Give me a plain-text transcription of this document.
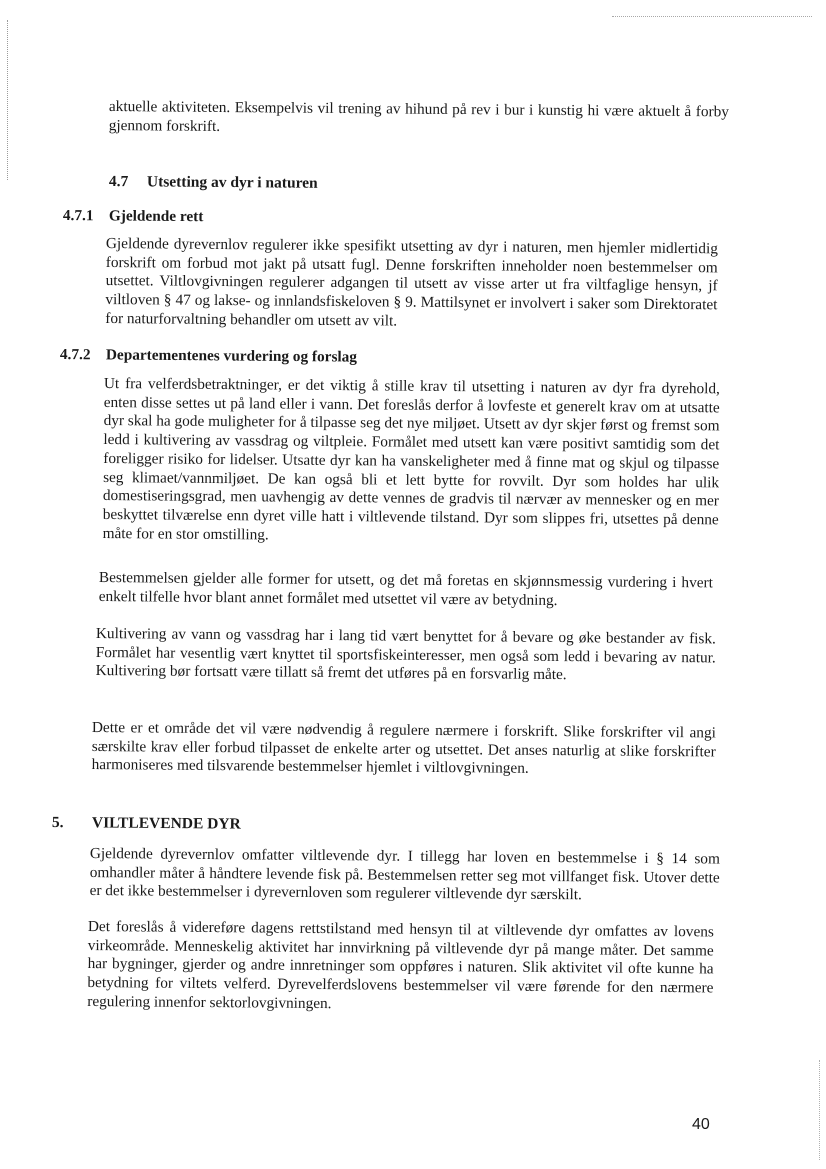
aktuelle aktiviteten. Eksempelvis vil trening av hihund på rev i bur i kunstig hi være aktuelt å forby gjennom forskrift.

4.7 Utsetting av dyr i naturen
4.7.1 Gjeldende rett

Gjeldende dyrevernlov regulerer ikke spesifikt utsetting av dyr i naturen, men hjemler midlertidig forskrift om forbud mot jakt på utsatt fugl. Denne forskriften inneholder noen bestemmelser om utsettet. Viltlovgivningen regulerer adgangen til utsett av visse arter ut fra viltfaglige hensyn, jf viltloven § 47 og lakse- og innlandsfiskeloven § 9. Mattilsynet er involvert i saker som Direktoratet for naturforvaltning behandler om utsett av vilt.

4.7.2 Departementenes vurdering og forslag

Ut fra velferdsbetraktninger, er det viktig å stille krav til utsetting i naturen av dyr fra dyrehold, enten disse settes ut på land eller i vann. Det foreslås derfor å lovfeste et generelt krav om at utsatte dyr skal ha gode muligheter for å tilpasse seg det nye miljøet. Utsett av dyr skjer først og fremst som ledd i kultivering av vassdrag og viltpleie. Formålet med utsett kan være positivt samtidig som det foreligger risiko for lidelser. Utsatte dyr kan ha vanskeligheter med å finne mat og skjul og tilpasse seg klimaet/vannmiljøet. De kan også bli et lett bytte for rovvilt. Dyr som holdes har ulik domestiseringsgrad, men uavhengig av dette vennes de gradvis til nærvær av mennesker og en mer beskyttet tilværelse enn dyret ville hatt i viltlevende tilstand. Dyr som slippes fri, utsettes på denne måte for en stor omstilling.

Bestemmelsen gjelder alle former for utsett, og det må foretas en skjønnsmessig vurdering i hvert enkelt tilfelle hvor blant annet formålet med utsettet vil være av betydning.

Kultivering av vann og vassdrag har i lang tid vært benyttet for å bevare og øke bestander av fisk. Formålet har vesentlig vært knyttet til sportsfiskeinteresser, men også som ledd i bevaring av natur. Kultivering bør fortsatt være tillatt så fremt det utføres på en forsvarlig måte.

Dette er et område det vil være nødvendig å regulere nærmere i forskrift. Slike forskrifter vil angi særskilte krav eller forbud tilpasset de enkelte arter og utsettet. Det anses naturlig at slike forskrifter harmoniseres med tilsvarende bestemmelser hjemlet i viltlovgivningen.

5. VILTLEVENDE DYR

Gjeldende dyrevernlov omfatter viltlevende dyr. I tillegg har loven en bestemmelse i § 14 som omhandler måter å håndtere levende fisk på. Bestemmelsen retter seg mot villfanget fisk. Utover dette er det ikke bestemmelser i dyrevernloven som regulerer viltlevende dyr særskilt.

Det foreslås å videreføre dagens rettstilstand med hensyn til at viltlevende dyr omfattes av lovens virkeområde. Menneskelig aktivitet har innvirkning på viltlevende dyr på mange måter. Det samme har bygninger, gjerder og andre innretninger som oppføres i naturen. Slik aktivitet vil ofte kunne ha betydning for viltets velferd. Dyrevelferdslovens bestemmelser vil være førende for den nærmere regulering innenfor sektorlovgivningen.

40
